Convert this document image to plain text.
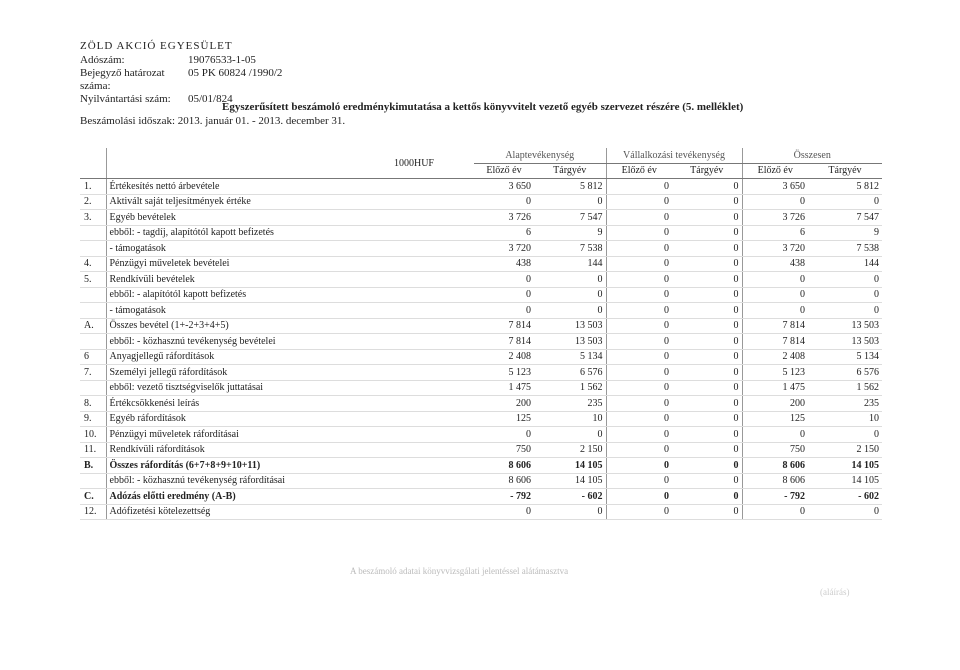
ZÖLD AKCIÓ EGYESÜLET
Adószám:	19076533-1-05
Bejegyző határozat száma:
05 PK 60824 /1990/2
Nyilvántartási szám:	05/01/824
Egyszerűsített beszámoló eredménykimutatása a kettős könyvvitelt vezető egyéb szervezet részére (5. melléklet)
Beszámolási időszak: 2013. január 01. - 2013. december 31.
	1000HUF	Alaptevékenység		Vállalkozási tevékenység		Összesen	
		Előző év	Tárgyév	Előző év	Tárgyév	Előző év	Tárgyév
1.	Értékesítés nettó árbevétele	3 650	5 812	0	0	3 650	5 812
2.	Aktivált saját teljesítmények értéke	0	0	0	0	0	0
3.	Egyéb bevételek	3 726	7 547	0	0	3 726	7 547
	ebből: - tagdíj, alapítótól kapott befizetés	6	9	0	0	6	9
	- támogatások	3 720	7 538	0	0	3 720	7 538
4.	Pénzügyi műveletek bevételei	438	144	0	0	438	144
5.	Rendkívüli bevételek	0	0	0	0	0	0
	ebből: - alapítótól kapott befizetés	0	0	0	0	0	0
	- támogatások	0	0	0	0	0	0
A.	Összes bevétel (1+-2+3+4+5)	7 814	13 503	0	0	7 814	13 503
	ebből: - közhasznú tevékenység bevételei	7 814	13 503	0	0	7 814	13 503
6	Anyagjellegű ráfordítások	2 408	5 134	0	0	2 408	5 134
7.	Személyi jellegű ráfordítások	5 123	6 576	0	0	5 123	6 576
	ebből: vezető tisztségviselők juttatásai	1 475	1 562	0	0	1 475	1 562
8.	Értékcsökkenési leírás	200	235	0	0	200	235
9.	Egyéb ráfordítások	125	10	0	0	125	10
10.	Pénzügyi műveletek ráfordításai	0	0	0	0	0	0
11.	Rendkívüli ráfordítások	750	2 150	0	0	750	2 150
B.	Összes ráfordítás (6+7+8+9+10+11)	8 606	14 105	0	0	8 606	14 105
	ebből: - közhasznú tevékenység ráfordításai	8 606	14 105	0	0	8 606	14 105
C.	Adózás előtti eredmény (A-B)	- 792	- 602	0	0	- 792	- 602
12.	Adófizetési kötelezettség	0	0	0	0	0	0
A beszámoló adatai könyvvizsgálati jelentéssel alátámasztva
(aláírás)
